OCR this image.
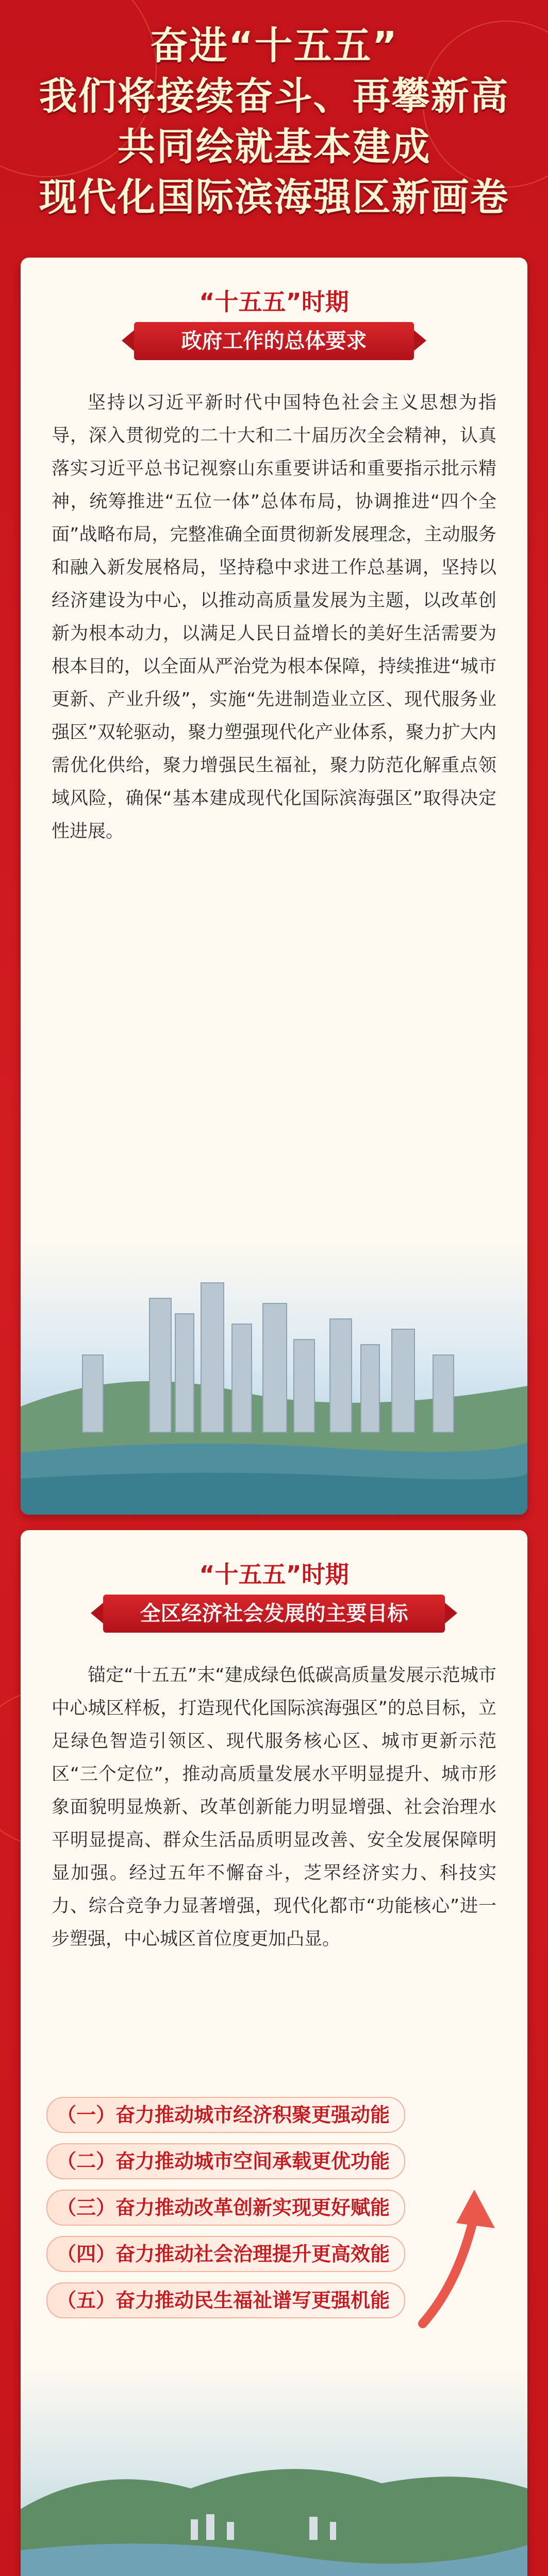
奋进“十五五”
我们将接续奋斗、再攀新高
共同绘就基本建成
现代化国际滨海强区新画卷
“十五五”时期
政府工作的总体要求
坚持以习近平新时代中国特色社会主义思想为指导，深入贯彻党的二十大和二十届历次全会精神，认真落实习近平总书记视察山东重要讲话和重要指示批示精神，统筹推进“五位一体”总体布局，协调推进“四个全面”战略布局，完整准确全面贯彻新发展理念，主动服务和融入新发展格局，坚持稳中求进工作总基调，坚持以经济建设为中心，以推动高质量发展为主题，以改革创新为根本动力，以满足人民日益增长的美好生活需要为根本目的，以全面从严治党为根本保障，持续推进“城市更新、产业升级”，实施“先进制造业立区、现代服务业强区”双轮驱动，聚力塑强现代化产业体系，聚力扩大内需优化供给，聚力增强民生福祉，聚力防范化解重点领域风险，确保“基本建成现代化国际滨海强区”取得决定性进展。
“十五五”时期
全区经济社会发展的主要目标
锚定“十五五”末“建成绿色低碳高质量发展示范城市中心城区样板，打造现代化国际滨海强区”的总目标，立足绿色智造引领区、现代服务核心区、城市更新示范区“三个定位”，推动高质量发展水平明显提升、城市形象面貌明显焕新、改革创新能力明显增强、社会治理水平明显提高、群众生活品质明显改善、安全发展保障明显加强。经过五年不懈奋斗，芝罘经济实力、科技实力、综合竞争力显著增强，现代化都市“功能核心”进一步塑强，中心城区首位度更加凸显。
（一）奋力推动城市经济积聚更强动能
（二）奋力推动城市空间承载更优功能
（三）奋力推动改革创新实现更好赋能
（四）奋力推动社会治理提升更高效能
（五）奋力推动民生福祉谱写更强机能
